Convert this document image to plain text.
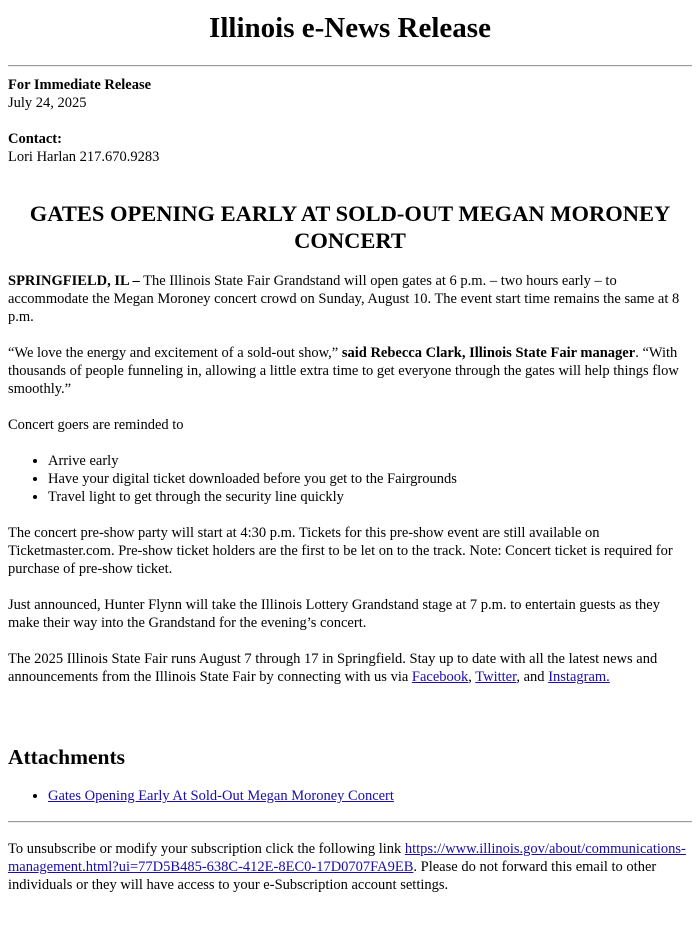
Illinois e-News Release
For Immediate Release
July 24, 2025
Contact:
Lori Harlan 217.670.9283
GATES OPENING EARLY AT SOLD-OUT MEGAN MORONEY CONCERT

SPRINGFIELD, IL – The Illinois State Fair Grandstand will open gates at 6 p.m. – two hours early – to accommodate the Megan Moroney concert crowd on Sunday, August 10. The event start time remains the same at 8 p.m.

“We love the energy and excitement of a sold-out show,” said Rebecca Clark, Illinois State Fair manager. “With thousands of people funneling in, allowing a little extra time to get everyone through the gates will help things flow smoothly.”

Concert goers are reminded to

• Arrive early
• Have your digital ticket downloaded before you get to the Fairgrounds
• Travel light to get through the security line quickly

The concert pre-show party will start at 4:30 p.m. Tickets for this pre-show event are still available on Ticketmaster.com. Pre-show ticket holders are the first to be let on to the track. Note: Concert ticket is required for purchase of pre-show ticket.

Just announced, Hunter Flynn will take the Illinois Lottery Grandstand stage at 7 p.m. to entertain guests as they make their way into the Grandstand for the evening’s concert.

The 2025 Illinois State Fair runs August 7 through 17 in Springfield. Stay up to date with all the latest news and announcements from the Illinois State Fair by connecting with us via Facebook, Twitter, and Instagram.

Attachments
• Gates Opening Early At Sold-Out Megan Moroney Concert

To unsubscribe or modify your subscription click the following link https://www.illinois.gov/about/communications-management.html?ui=77D5B485-638C-412E-8EC0-17D0707FA9EB. Please do not forward this email to other individuals or they will have access to your e-Subscription account settings.
